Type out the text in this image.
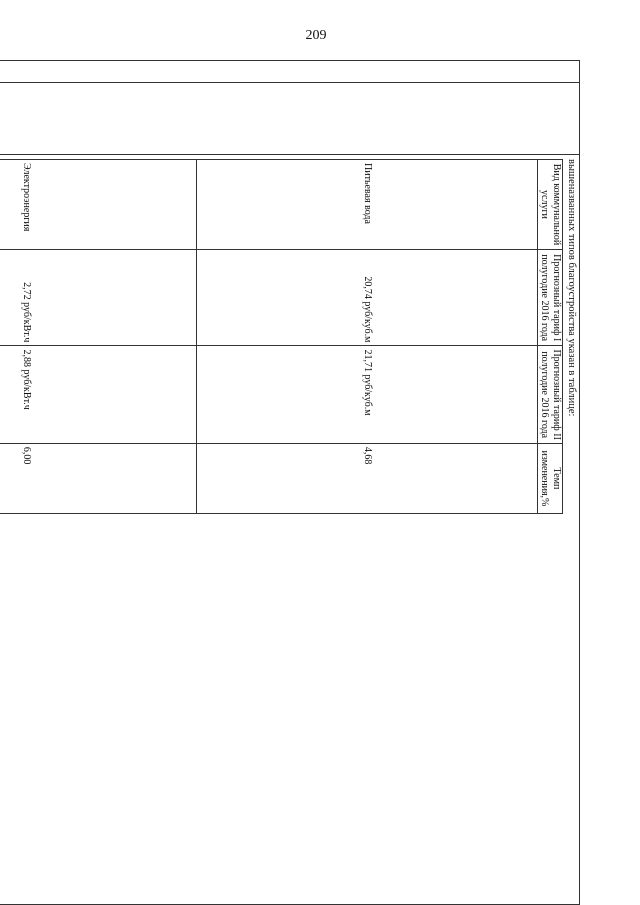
209

вышеназванных типов благоустройства указан в таблице:

Вид коммунальной услуги	Прогнозный тариф I полугодие 2016 года	Прогнозный тариф II полугодие 2016 года	Темп изменения,%
Питьевая вода	20,74 руб/куб.м	21,71 руб/куб.м	4,68
Электроэнергия	2,72 руб/кВт.ч	2,88 руб/кВт.ч	6,00
